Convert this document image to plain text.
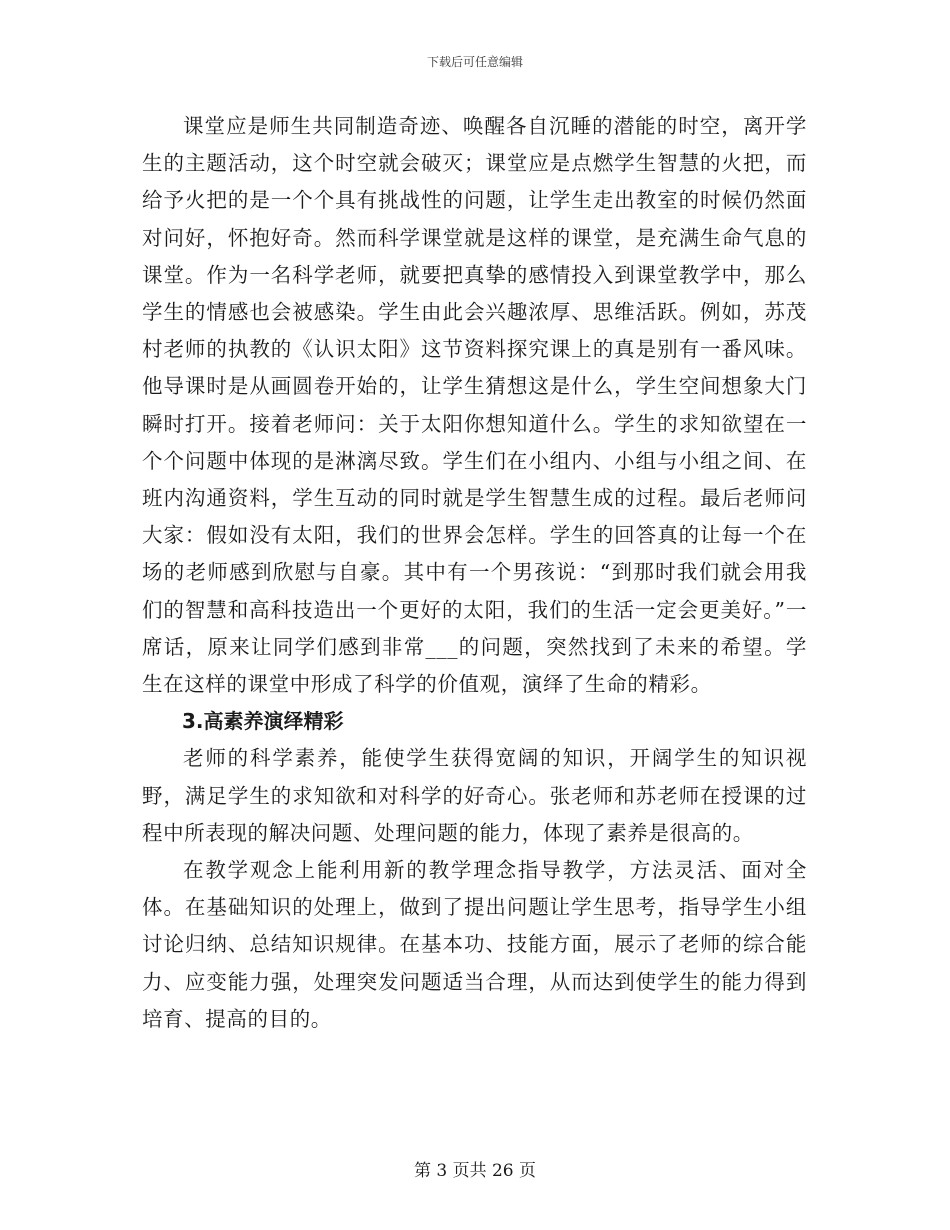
下载后可任意编辑

课堂应是师生共同制造奇迹、唤醒各自沉睡的潜能的时空，离开学生的主题活动，这个时空就会破灭；课堂应是点燃学生智慧的火把，而给予火把的是一个个具有挑战性的问题，让学生走出教室的时候仍然面对问好，怀抱好奇。然而科学课堂就是这样的课堂，是充满生命气息的课堂。作为一名科学老师，就要把真挚的感情投入到课堂教学中，那么学生的情感也会被感染。学生由此会兴趣浓厚、思维活跃。例如，苏茂村老师的执教的《认识太阳》这节资料探究课上的真是别有一番风味。他导课时是从画圆卷开始的，让学生猜想这是什么，学生空间想象大门瞬时打开。接着老师问：关于太阳你想知道什么。学生的求知欲望在一个个问题中体现的是淋漓尽致。学生们在小组内、小组与小组之间、在班内沟通资料，学生互动的同时就是学生智慧生成的过程。最后老师问大家：假如没有太阳，我们的世界会怎样。学生的回答真的让每一个在场的老师感到欣慰与自豪。其中有一个男孩说：“到那时我们就会用我们的智慧和高科技造出一个更好的太阳，我们的生活一定会更美好。”一席话，原来让同学们感到非常___的问题，突然找到了未来的希望。学生在这样的课堂中形成了科学的价值观，演绎了生命的精彩。

3.高素养演绎精彩

老师的科学素养，能使学生获得宽阔的知识，开阔学生的知识视野，满足学生的求知欲和对科学的好奇心。张老师和苏老师在授课的过程中所表现的解决问题、处理问题的能力，体现了素养是很高的。

在教学观念上能利用新的教学理念指导教学，方法灵活、面对全体。在基础知识的处理上，做到了提出问题让学生思考，指导学生小组讨论归纳、总结知识规律。在基本功、技能方面，展示了老师的综合能力、应变能力强，处理突发问题适当合理，从而达到使学生的能力得到培育、提高的目的。

第 3 页共 26 页
